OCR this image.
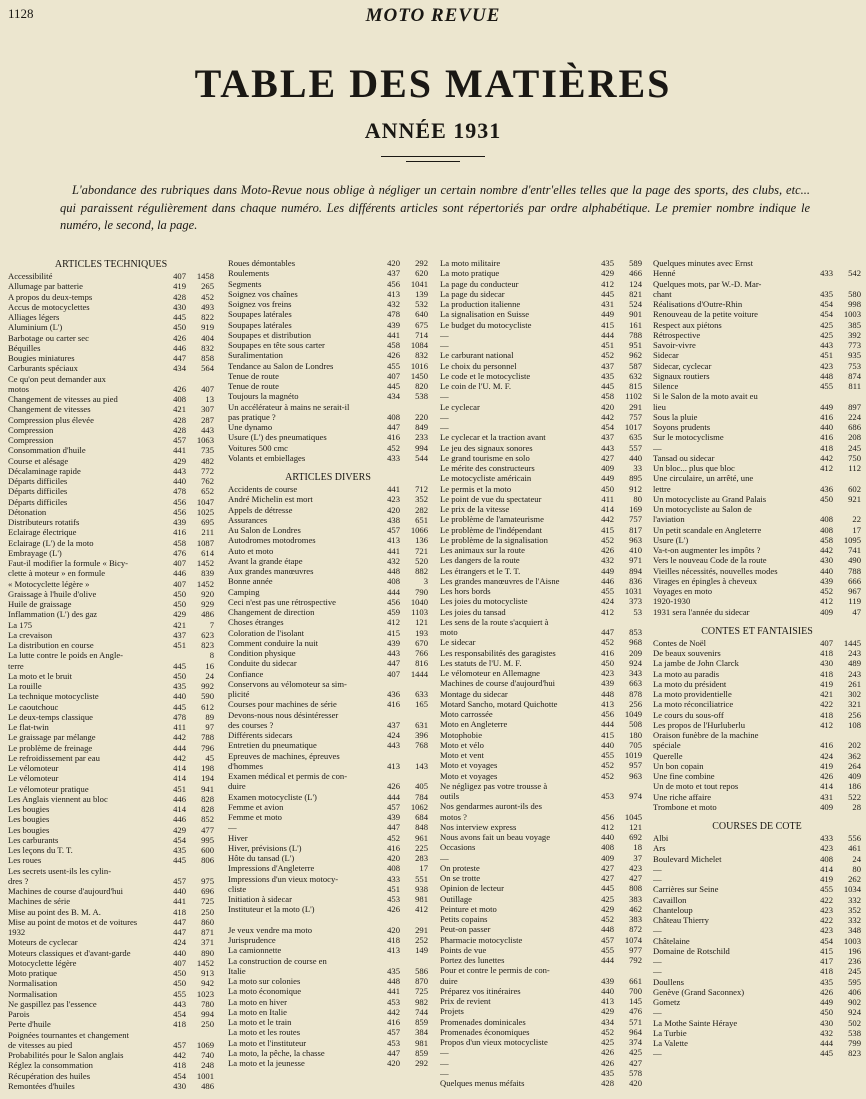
1128	MOTO REVUE
TABLE DES MATIÈRES
ANNÉE 1931
L'abondance des rubriques dans Moto-Revue nous oblige à négliger un certain nombre d'entr'elles telles que la page des sports, des clubs, etc... qui paraissent régulièrement dans chaque numéro. Les différents articles sont répertoriés par ordre alphabétique. Le premier nombre indique le numéro, le second, la page.
ARTICLES TECHNIQUES
Accessibilité	407	1458
Allumage par batterie	419	265
A propos du deux-temps	428	452
Accus de motocyclettes	430	493
Alliages légers	445	822
Aluminium (L')	450	919
Barbotage ou carter sec	426	404
Béquilles	446	832
Bougies miniatures	447	858
Carburants spéciaux	434	564
Ce qu'on peut demander aux
motos	426	407
Changement de vitesses au pied	408	13
Changement de vitesses	421	307
Compression plus élevée	428	287
Compression	428	443
Compression	457	1063
Consommation d'huile	441	735
Course et alésage	429	482
Décalaminage rapide	443	772
Départs difficiles	440	762
Départs difficiles	478	652
Départs difficiles	456	1047
Détonation	456	1025
Distributeurs rotatifs	439	695
Eclairage électrique	416	211
Eclairage (L') de la moto	458	1087
Embrayage (L')	476	614
Faut-il modifier la formule « Bicy-	407	1452
clette à moteur » en formule	446	839
« Motocyclette légère »	407	1452
Graissage à l'huile d'olive	450	920
Huile de graissage	450	929
Inflammation (L') des gaz	429	486
La 175	421	7
La crevaison	437	623
La distribution en course	451	823
La lutte contre le poids en Angle-	8
terre	445	16
La moto et le bruit	450	24
La rouille	435	992
La technique motocycliste	440	590
Le caoutchouc	445	612
Le deux-temps classique	478	89
Le flat-twin	411	97
Le graissage par mélange	442	788
Le problème de freinage	444	796
Le refroidissement par eau	442	45
Le vélomoteur	414	198
Le vélomoteur	414	194
Le vélomoteur pratique	451	941
Les Anglais viennent au bloc	446	828
Les bougies	414	828
Les bougies	446	852
Les bougies	429	477
Les carburants	454	995
Les leçons du T. T.	435	600
Les roues	445	806
Les secrets usent-ils les cylin-
dres ?	457	975
Machines de course d'aujourd'hui	440	696
Machines de série	441	725
Mise au point des B. M. A.	418	250
Mise au point de motos et de voitures	447	860
1932	447	871
Moteurs de cyclecar	424	371
Moteurs classiques et d'avant-garde	440	890
Motocyclette légère	407	1452
Moto pratique	450	913
Normalisation	450	942
Normalisation	455	1023
Ne gaspillez pas l'essence	443	780
Parois	454	994
Perte d'huile	418	250
Poignées tournantes et changement
de vitesses au pied	457	1069
Probabilités pour le Salon anglais	442	740
Réglez la consommation	418	248
Récupération des huiles	454	1001
Remontées d'huiles	430	486
Roues démontables	420	292
Roulements	437	620
Segments	456	1041
Soignez vos chaînes	413	139
Soignez vos freins	432	532
Soupapes latérales	478	640
Soupapes latérales	439	675
Soupapes et distribution	441	714
Soupapes en tête sous carter	458	1084
Suralimentation	426	832
Tendance au Salon de Londres	455	1016
Tenue de route	407	1450
Tenue de route	445	820
Toujours la magnéto	434	538
Un accélérateur à mains ne serait-il
pas pratique ?	408	220
Une dynamo	447	849
Usure (L') des pneumatiques	416	233
Voitures 500 cmc	452	994
Volants et embiellages	433	544
ARTICLES DIVERS
Accidents de course	441	712
André Michelin est mort	423	352
Appels de détresse	420	282
Assurances	438	651
Au Salon de Londres	457	1066
Autodromes motodromes	413	136
Auto et moto	441	721
Avant la grande étape	432	520
Aux grandes manœuvres	448	882
Bonne année	408	3
Camping	444	790
Ceci n'est pas une rétrospective	456	1040
Changement de direction	459	1103
Choses étranges	412	121
Coloration de l'isolant	415	193
Comment conduire la nuit	439	670
Condition physique	443	766
Conduite du sidecar	447	816
Confiance	407	1444
Conservons au vélomoteur sa sim-
plicité	436	633
Courses pour machines de série	416	165
Devons-nous nous désintéresser
des courses ?	437	631
Différents sidecars	424	396
Entretien du pneumatique	443	768
Epreuves de machines, épreuves
d'hommes	413	143
Examen médical et permis de con-
duire	426	405
Examen motocycliste (L')	444	784
Femme et avion	457	1062
Femme et moto	439	684
—	447	848
Hiver	452	961
Hiver, prévisions (L')	416	225
Hôte du tansad (L')	420	283
Impressions d'Angleterre	408	17
Impressions d'un vieux motocy-	433	551
cliste	451	938
Initiation à sidecar	453	981
Instituteur et la moto (L')	426	412
Je veux vendre ma moto	420	291
Jurisprudence	418	252
La camionnette	413	149
La construction de course en
Italie	435	586
La moto sur colonies	448	870
La moto économique	441	725
La moto en hiver	453	982
La moto en Italie	442	744
La moto et le train	416	859
La moto et les routes	457	384
La moto et l'instituteur	453	981
La moto, la pêche, la chasse	447	859
La moto et la jeunesse	420	292
La moto militaire	435	589
La moto pratique	429	466
La page du conducteur	412	124
La page du sidecar	445	821
La production italienne	431	524
La signalisation en Suisse	449	901
Le budget du motocycliste	415	161
—	444	788
—	451	951
Le carburant national	452	962
Le choix du personnel	437	587
Le code et le motocycliste	435	632
Le coin de l'U. M. F.	445	815
—	458	1102
Le cyclecar	420	291
—	442	757
—	454	1017
Le cyclecar et la traction avant	437	635
Le jeu des signaux sonores	443	557
Le grand tourisme en solo	427	440
Le mérite des constructeurs	409	33
Le motocycliste américain	449	895
Le permis et la moto	450	912
Le point de vue du spectateur	411	80
Le prix de la vitesse	414	169
Le problème de l'amateurisme	442	757
Le problème de l'indépendant	415	817
Le problème de la signalisation	452	963
Les animaux sur la route	426	410
Les dangers de la route	432	971
Les étrangers et le T. T.	449	894
Les grandes manœuvres de l'Aisne	446	836
Les hors bords	455	1031
Les joies du motocycliste	424	373
Les joies du tansad	412	53
Les sens de la route s'acquiert à
moto	447	853
Le sidecar	452	968
Les responsabilités des garagistes	416	209
Les statuts de l'U. M. F.	450	924
Le vélomoteur en Allemagne	423	343
Machines de course d'aujourd'hui	439	663
Montage du sidecar	448	878
Motard Sancho, motard Quichotte	413	256
Moto carrossée	456	1049
Moto en Angleterre	444	508
Motophobie	415	180
Moto et vélo	440	705
Moto et vent	455	1019
Moto et voyages	452	957
Moto et voyages	452	963
Ne négligez pas votre trousse à
outils	453	974
Nos gendarmes auront-ils des
motos ?	456	1045
Nos interview express	412	121
Nous avons fait un beau voyage	440	692
Occasions	408	18
—	409	37
On proteste	427	423
On se trotte	427	427
Opinion de lecteur	445	808
Outillage	425	383
Peinture et moto	429	462
Petits copains	452	383
Peut-on passer	448	872
Pharmacie motocycliste	457	1074
Points de vue	455	977
Portez des lunettes	444	792
Pour et contre le permis de con-
duire	439	661
Préparez vos itinéraires	440	700
Prix de revient	413	145
Projets	429	476
Promenades dominicales	434	571
Promenades économiques	452	964
Propos d'un vieux motocycliste	425	374
—	426	425
—	426	427
—	435	578
Quelques menus méfaits	428	420
Quelques minutes avec Ernst
Henné	433	542
Quelques mots, par W.-D. Mar-
chant	435	580
Réalisations d'Outre-Rhin	454	998
Renouveau de la petite voiture	454	1003
Respect aux piétons	425	385
Rétrospective	425	392
Savoir-vivre	443	773
Sidecar	451	935
Sidecar, cyclecar	423	753
Signaux routiers	448	874
Silence	455	811
Si le Salon de la moto avait eu
lieu	449	897
Sous la pluie	416	224
Soyons prudents	440	686
Sur le motocyclisme	416	208
—	418	245
Tansad ou sidecar	442	750
Un bloc... plus que bloc	412	112
Une circulaire, un arrêté, une
lettre	436	602
Un motocycliste au Grand Palais	450	921
Un motocycliste au Salon de
l'aviation	408	22
Un petit scandale en Angleterre	408	17
Usure (L')	458	1095
Va-t-on augmenter les impôts ?	442	741
Vers le nouveau Code de la route	430	490
Vieilles nécessités, nouvelles modes	440	788
Virages en épingles à cheveux	439	666
Voyages en moto	452	967
1920-1930	412	119
1931 sera l'année du sidecar	409	47
CONTES ET FANTAISIES
Contes de Noël	407	1445
De beaux souvenirs	418	243
La jambe de John Clarck	430	489
La moto au paradis	418	243
La moto du président	419	261
La moto providentielle	421	302
La moto réconciliatrice	422	321
Le cours du sous-off	418	256
Les propos de l'Hurluberlu	412	108
Oraison funèbre de la machine
spéciale	416	202
Querelle	424	362
Un bon copain	419	264
Une fine combine	426	409
Un de moto et tout repos	414	186
Une riche affaire	431	522
Trombone et moto	409	28
COURSES DE COTE
Albi	433	556
Ars	423	461
Boulevard Michelet	408	24
—	414	80
—	419	262
Carrières sur Seine	455	1034
Cavaillon	422	332
Chanteloup	423	352
Château Thierry	422	332
—	423	348
Châtelaine	454	1003
Domaine de Rotschild	415	196
—	417	236
—	418	245
Doullens	435	595
Genève (Grand Saconnex)	426	406
Gometz	449	902
—	450	924
La Mothe Sainte Héraye	430	502
La Turbie	432	538
La Valette	444	799
—	445	823
